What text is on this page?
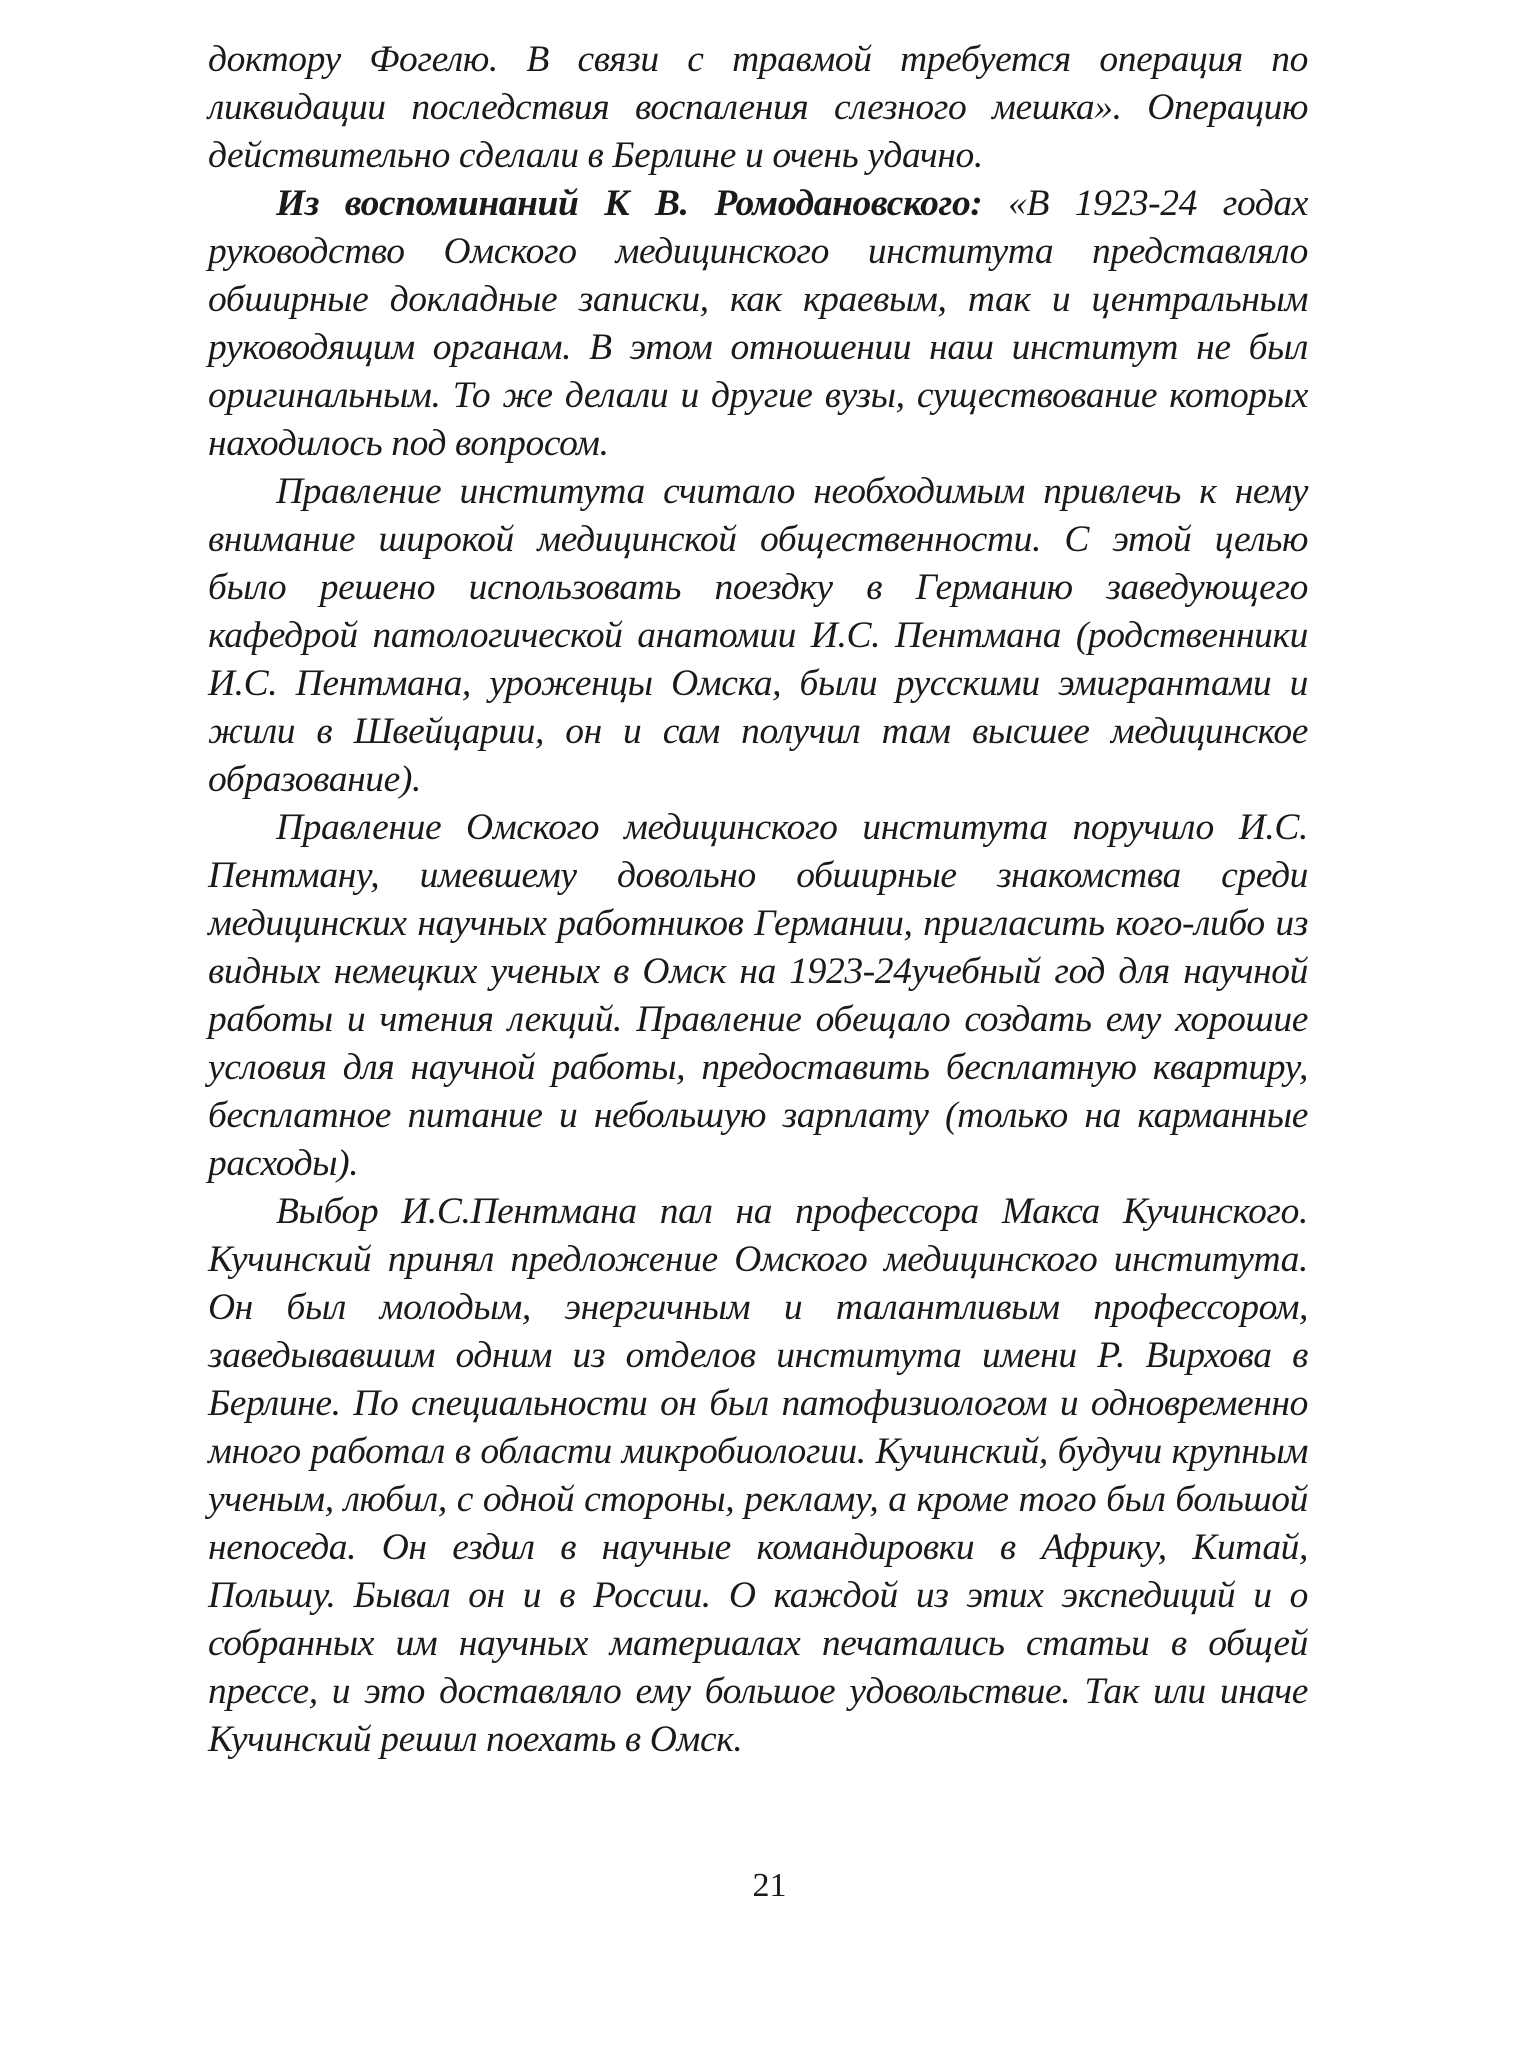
доктору Фогелю. В связи с травмой требуется операция по ликвидации последствия воспаления слезного мешка». Операцию действительно сделали в Берлине и очень удачно.

Из воспоминаний К В. Ромодановского: «В 1923-24 годах руководство Омского медицинского института представляло обширные докладные записки, как краевым, так и центральным руководящим органам. В этом отношении наш институт не был оригинальным. То же делали и другие вузы, существование которых находилось под вопросом.

Правление института считало необходимым привлечь к нему внимание широкой медицинской общественности. С этой целью было решено использовать поездку в Германию заведующего кафедрой патологической анатомии И.С. Пентмана (родственники И.С. Пентмана, уроженцы Омска, были русскими эмигрантами и жили в Швейцарии, он и сам получил там высшее медицинское образование).

Правление Омского медицинского института поручило И.С. Пентману, имевшему довольно обширные знакомства среди медицинских научных работников Германии, пригласить кого-либо из видных немецких ученых в Омск на 1923-24учебный год для научной работы и чтения лекций. Правление обещало создать ему хорошие условия для научной работы, предоставить бесплатную квартиру, бесплатное питание и небольшую зарплату (только на карманные расходы).

Выбор И.С.Пентмана пал на профессора Макса Кучинского. Кучинский принял предложение Омского медицинского института. Он был молодым, энергичным и талантливым профессором, заведывавшим одним из отделов института имени Р. Вирхова в Берлине. По специальности он был патофизиологом и одновременно много работал в области микробиологии. Кучинский, будучи крупным ученым, любил, с одной стороны, рекламу, а кроме того был большой непоседа. Он ездил в научные командировки в Африку, Китай, Польшу. Бывал он и в России. О каждой из этих экспедиций и о собранных им научных материалах печатались статьи в общей прессе, и это доставляло ему большое удовольствие. Так или иначе Кучинский решил поехать в Омск.

21
